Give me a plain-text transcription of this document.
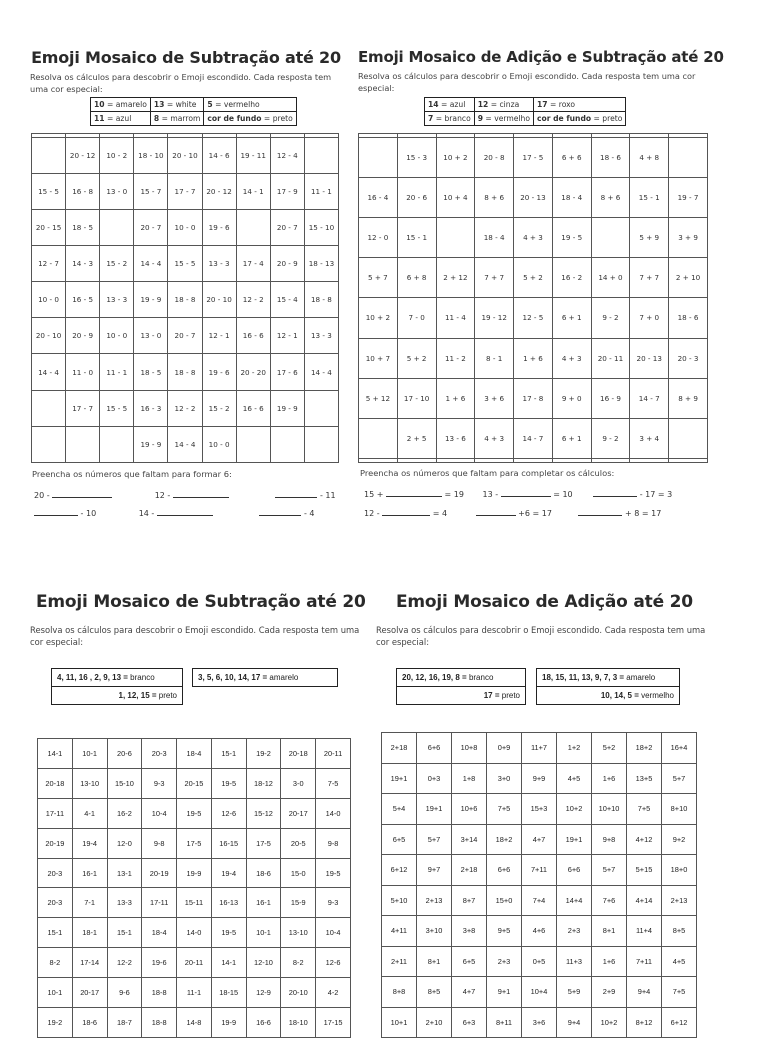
Emoji Mosaico de Subtração até 20
Resolva os cálculos para descobrir o Emoji escondido. Cada resposta tem uma cor especial:
10 = amarelo	13 = white	5 = vermelho
11 = azul	8 = marrom	cor de fundo = preto

	20 - 12	10 - 2	18 - 10	20 - 10	14 - 6	19 - 11	12 - 4	
15 - 5	16 - 8	13 - 0	15 - 7	17 - 7	20 - 12	14 - 1	17 - 9	11 - 1
20 - 15	18 - 5		20 - 7	10 - 0	19 - 6		20 - 7	15 - 10
12 - 7	14 - 3	15 - 2	14 - 4	15 - 5	13 - 3	17 - 4	20 - 9	18 - 13
10 - 0	16 - 5	13 - 3	19 - 9	18 - 8	20 - 10	12 - 2	15 - 4	18 - 8
20 - 10	20 - 9	10 - 0	13 - 0	20 - 7	12 - 1	16 - 6	12 - 1	13 - 3
14 - 4	11 - 0	11 - 1	18 - 5	18 - 8	19 - 6	20 - 20	17 - 6	14 - 4
	17 - 7	15 - 5	16 - 3	12 - 2	15 - 2	16 - 6	19 - 9	
			19 - 9	14 - 4	10 - 0			
Preencha os números que faltam para formar 6:
20 -	12 -	- 11
- 10	14 -	- 4
Emoji Mosaico de Adição e Subtração até 20
Resolva os cálculos para descobrir o Emoji escondido. Cada resposta tem uma cor especial:
14 = azul	12 = cinza	17 = roxo
7 = branco	9 = vermelho	cor de fundo = preto

	15 - 3	10 + 2	20 - 8	17 - 5	6 + 6	18 - 6	4 + 8	
16 - 4	20 - 6	10 + 4	8 + 6	20 - 13	18 - 4	8 + 6	15 - 1	19 - 7
12 - 0	15 - 1		18 - 4	4 + 3	19 - 5		5 + 9	3 + 9
5 + 7	6 + 8	2 + 12	7 + 7	5 + 2	16 - 2	14 + 0	7 + 7	2 + 10
10 + 2	7 - 0	11 - 4	19 - 12	12 - 5	6 + 1	9 - 2	7 + 0	18 - 6
10 + 7	5 + 2	11 - 2	8 - 1	1 + 6	4 + 3	20 - 11	20 - 13	20 - 3
5 + 12	17 - 10	1 + 6	3 + 6	17 - 8	9 + 0	16 - 9	14 - 7	8 + 9
	2 + 5	13 - 6	4 + 3	14 - 7	6 + 1	9 - 2	3 + 4	

Preencha os números que faltam para completar os cálculos:
15 +	= 19 13 -	= 10	- 17 = 3
12 -	= 4	+6 = 17	+ 8 = 17
Emoji Mosaico de Subtração até 20
Resolva os cálculos para descobrir o Emoji escondido. Cada resposta tem uma cor especial:
4, 11, 16 , 2, 9, 13 = branco
1, 12, 15 = preto
3, 5, 6, 10, 14, 17 = amarelo
14-1	10-1	20-6	20-3	18-4	15-1	19-2	20-18	20-11
20-18	13-10	15-10	9-3	20-15	19-5	18-12	3-0	7-5
17-11	4-1	16-2	10-4	19-5	12-6	15-12	20-17	14-0
20-19	19-4	12-0	9-8	17-5	16-15	17-5	20-5	9-8
20-3	16-1	13-1	20-19	19-9	19-4	18-6	15-0	19-5
20-3	7-1	13-3	17-11	15-11	16-13	16-1	15-9	9-3
15-1	18-1	15-1	18-4	14-0	19-5	10-1	13-10	10-4
8-2	17-14	12-2	19-6	20-11	14-1	12-10	8-2	12-6
10-1	20-17	9-6	18-8	11-1	18-15	12-9	20-10	4-2
19-2	18-6	18-7	18-8	14-8	19-9	16-6	18-10	17-15
Emoji Mosaico de Adição até 20
Resolva os cálculos para descobrir o Emoji escondido. Cada resposta tem uma cor especial:
20, 12, 16, 19, 8 = branco
17 = preto
18, 15, 11, 13, 9, 7, 3 = amarelo
10, 14, 5 = vermelho
2+18	6+6	10+8	0+9	11+7	1+2	5+2	18+2	16+4
19+1	0+3	1+8	3+0	9+9	4+5	1+6	13+5	5+7
5+4	19+1	10+6	7+5	15+3	10+2	10+10	7+5	8+10
6+5	5+7	3+14	18+2	4+7	19+1	9+8	4+12	9+2
6+12	9+7	2+18	6+6	7+11	6+6	5+7	5+15	18+0
5+10	2+13	8+7	15+0	7+4	14+4	7+6	4+14	2+13
4+11	3+10	3+8	9+5	4+6	2+3	8+1	11+4	8+5
2+11	8+1	6+5	2+3	0+5	11+3	1+6	7+11	4+5
8+8	8+5	4+7	9+1	10+4	5+9	2+9	9+4	7+5
10+1	2+10	6+3	8+11	3+6	9+4	10+2	8+12	6+12
